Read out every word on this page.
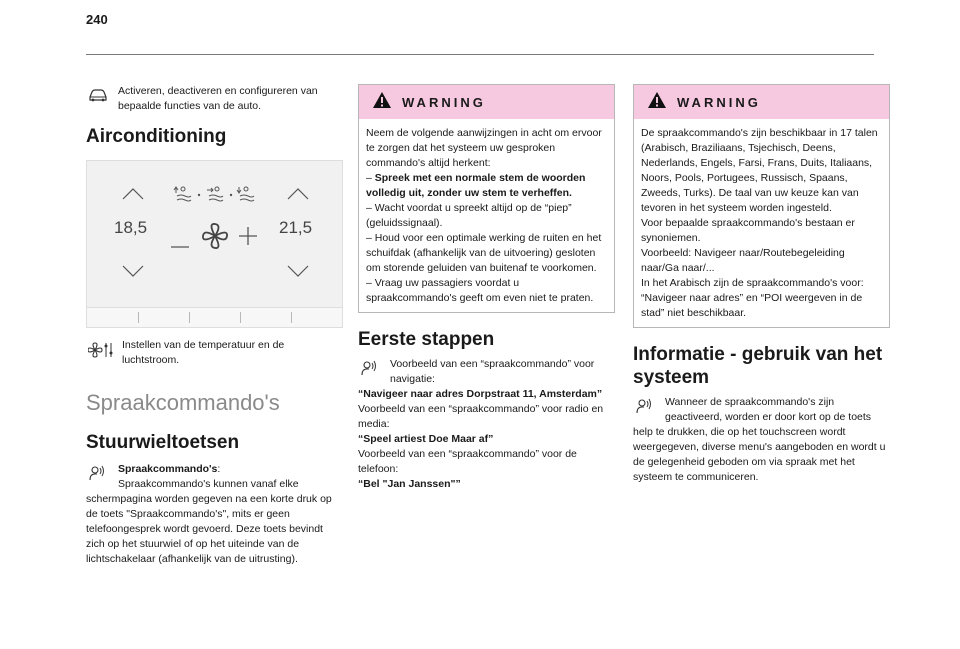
240
Activeren, deactiveren en configureren van bepaalde functies van de auto.
Airconditioning
18,5	21,5
Instellen van de temperatuur en de luchtstroom.
Spraakcommando's
Stuurwieltoetsen
Spraakcommando's:
Spraakcommando's kunnen vanaf elke
schermpagina worden gegeven na een korte druk op de toets "Spraakcommando's", mits er geen telefoongesprek wordt gevoerd. Deze toets bevindt zich op het stuurwiel of op het uiteinde van de lichtschakelaar (afhankelijk van de uitrusting).
WARNING
Neem de volgende aanwijzingen in acht om ervoor te zorgen dat het systeem uw gesproken commando's altijd herkent:
– Spreek met een normale stem de woorden volledig uit, zonder uw stem te verheffen.
– Wacht voordat u spreekt altijd op de “piep” (geluidssignaal).
– Houd voor een optimale werking de ruiten en het schuifdak (afhankelijk van de uitvoering) gesloten om storende geluiden van buitenaf te voorkomen.
– Vraag uw passagiers voordat u spraakcommando's geeft om even niet te praten.
Eerste stappen
Voorbeeld van een “spraakcommando” voor navigatie:
“Navigeer naar adres Dorpstraat 11, Amsterdam”
Voorbeeld van een “spraakcommando” voor radio en media:
“Speel artiest Doe Maar af”
Voorbeeld van een “spraakcommando” voor de telefoon:
“Bel "Jan Janssen"”
WARNING
De spraakcommando's zijn beschikbaar in 17 talen (Arabisch, Braziliaans, Tsjechisch, Deens, Nederlands, Engels, Farsi, Frans, Duits, Italiaans, Noors, Pools, Portugees, Russisch, Spaans, Zweeds, Turks). De taal van uw keuze kan van tevoren in het systeem worden ingesteld.
Voor bepaalde spraakcommando's bestaan er synoniemen.
Voorbeeld: Navigeer naar/Routebegeleiding naar/Ga naar/...
In het Arabisch zijn de spraakcommando's voor: “Navigeer naar adres” en “POI weergeven in de stad” niet beschikbaar.
Informatie - gebruik van het systeem
Wanneer de spraakcommando's zijn geactiveerd, worden er door kort op de toets
help te drukken, die op het touchscreen wordt weergegeven, diverse menu's aangeboden en wordt u de gelegenheid geboden om via spraak met het systeem te communiceren.
